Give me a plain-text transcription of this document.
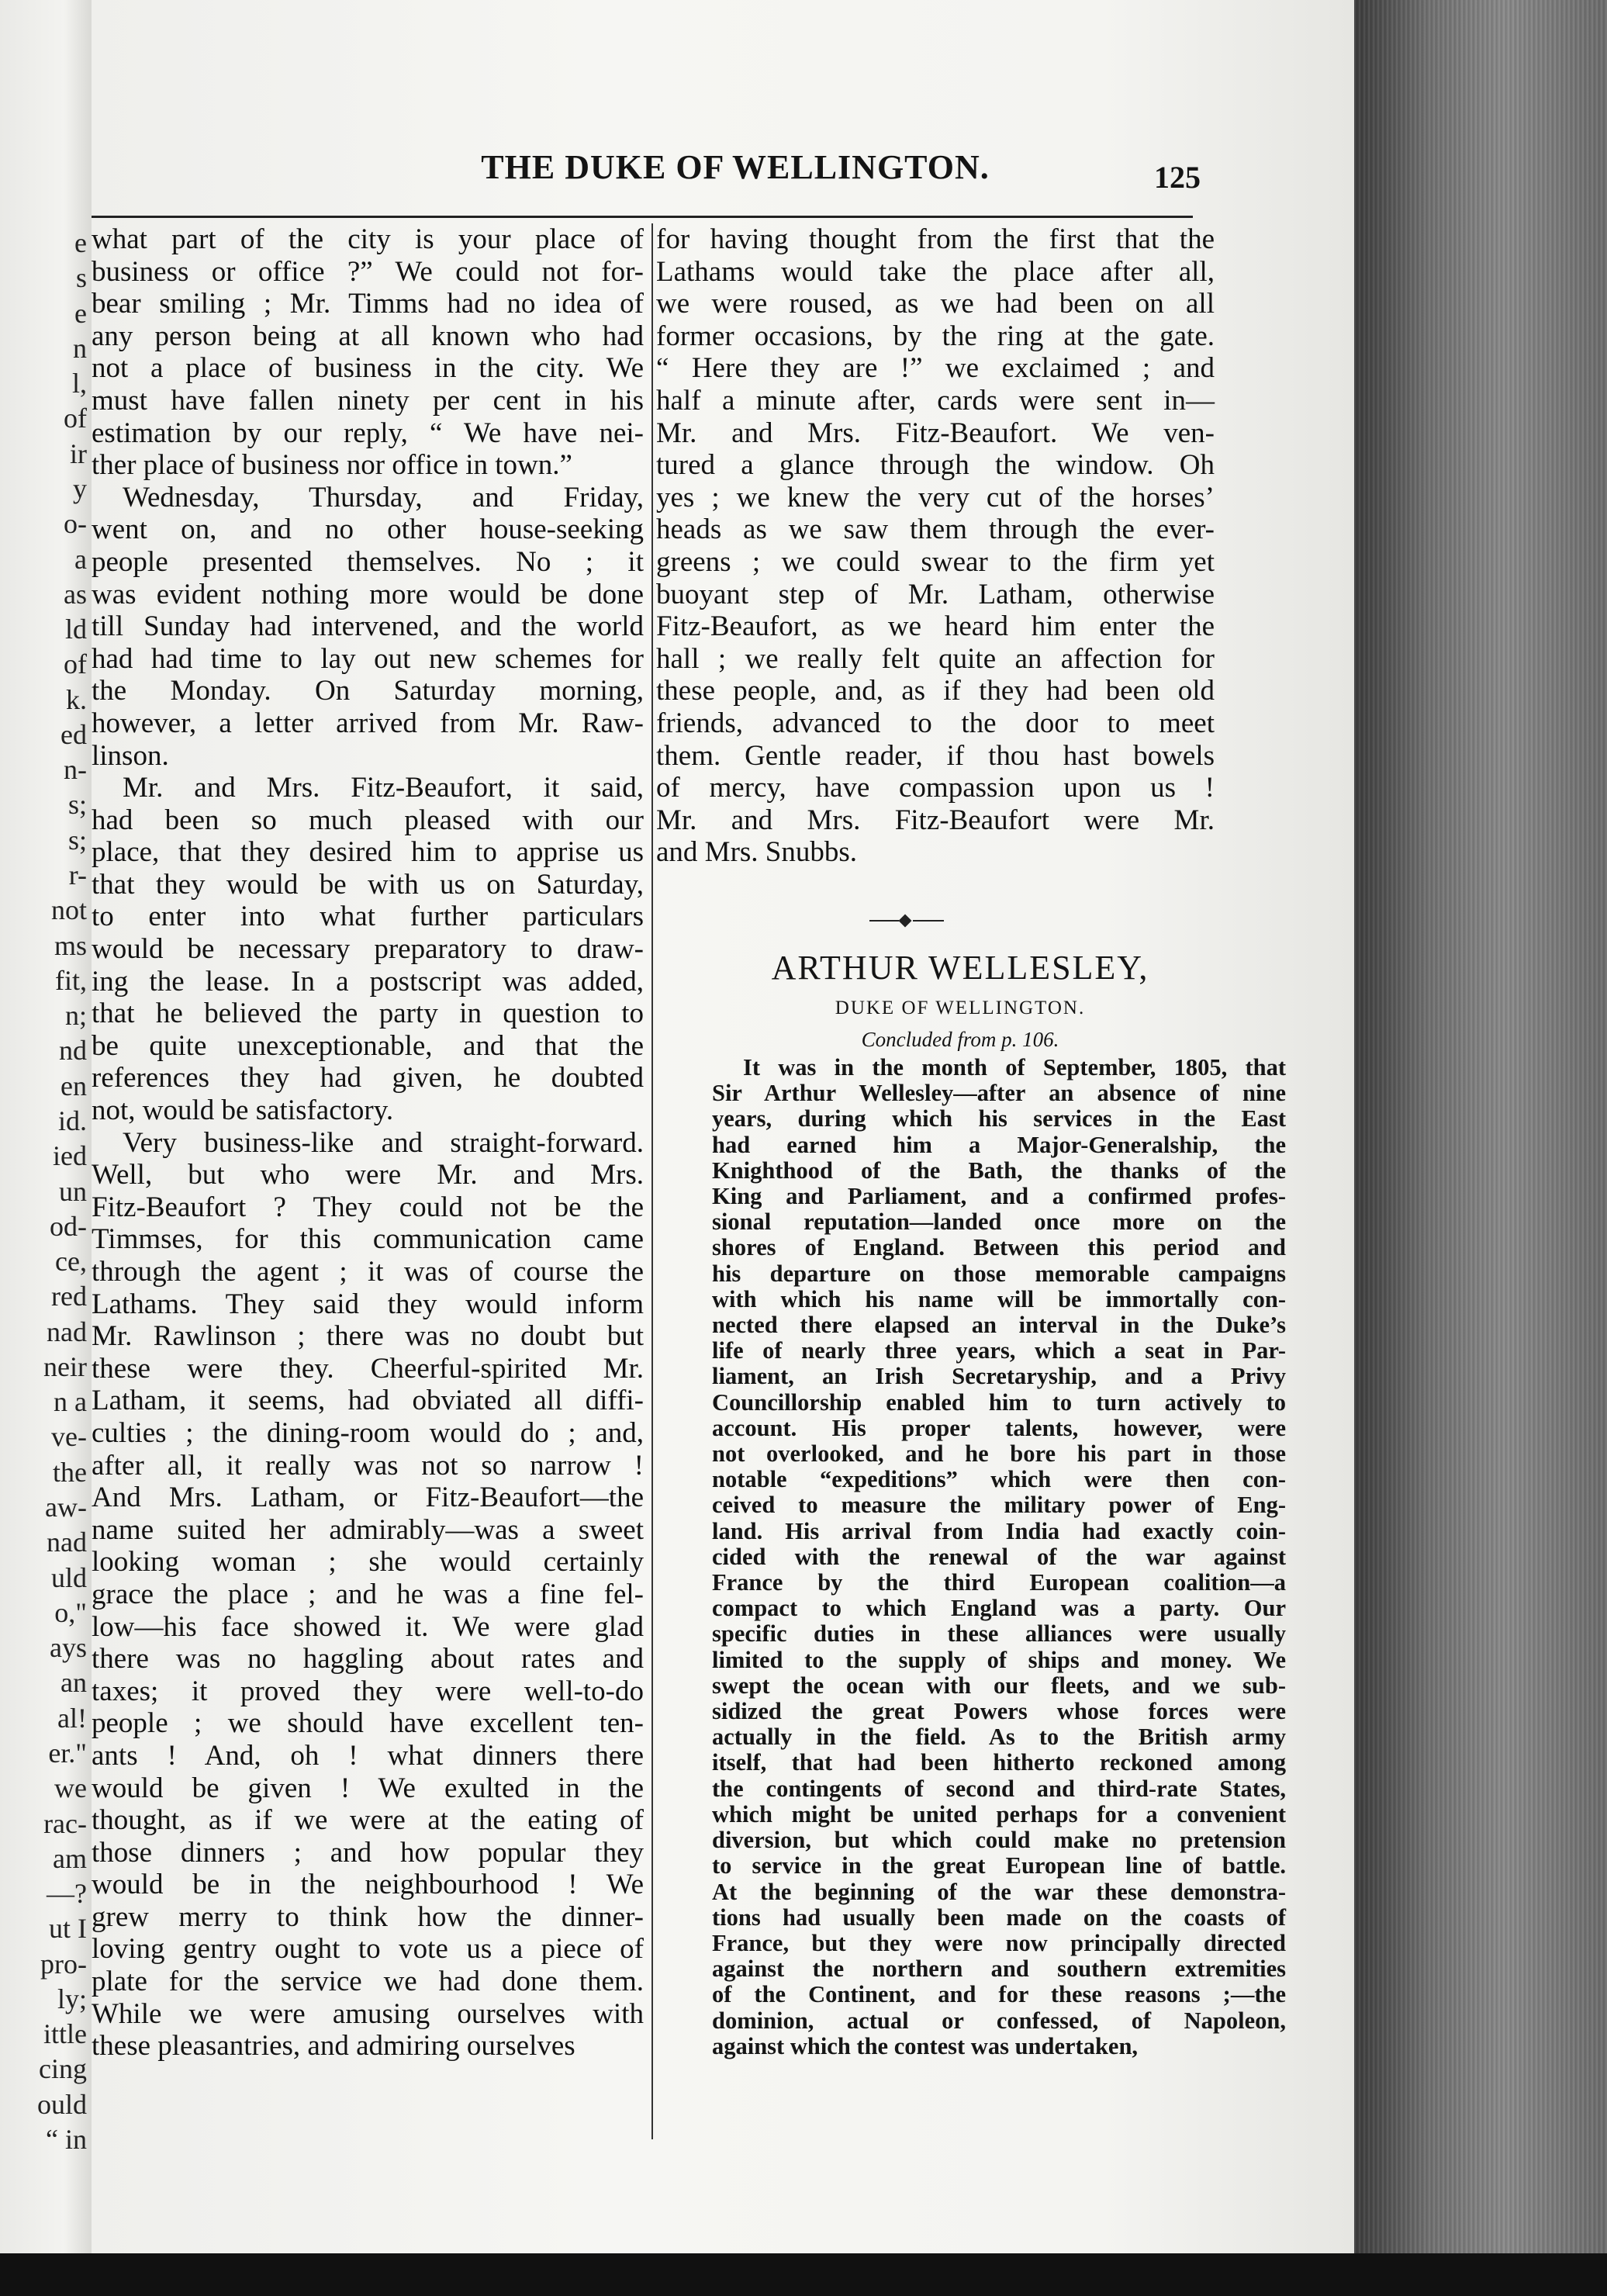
e
s
e
n
l,
of
ir
y
o-
a
as
ld
of
k.
ed
n-
s;
s;
r-
not
ms
fit,
n;
nd
en
id.
ied
un
od-
ce,
red
nad
neir
n a
ve-
the
aw-
nad
uld
o,"
ays
an
al!
er."
we
rac-
am
—?
ut I
pro-
ly;
ittle
cing
ould
“ in
THE DUKE OF WELLINGTON.	125
what part of the city is your place of
business or office ?” We could not for-
bear smiling ; Mr. Timms had no idea of
any person being at all known who had
not a place of business in the city. We
must have fallen ninety per cent in his
estimation by our reply, “ We have nei-
ther place of business nor office in town.”
Wednesday, Thursday, and Friday,
went on, and no other house-seeking
people presented themselves. No ; it
was evident nothing more would be done
till Sunday had intervened, and the world
had had time to lay out new schemes for
the Monday. On Saturday morning,
however, a letter arrived from Mr. Raw-
linson.
Mr. and Mrs. Fitz-Beaufort, it said,
had been so much pleased with our
place, that they desired him to apprise us
that they would be with us on Saturday,
to enter into what further particulars
would be necessary preparatory to draw-
ing the lease. In a postscript was added,
that he believed the party in question to
be quite unexceptionable, and that the
references they had given, he doubted
not, would be satisfactory.
Very business-like and straight-forward.
Well, but who were Mr. and Mrs.
Fitz-Beaufort ? They could not be the
Timmses, for this communication came
through the agent ; it was of course the
Lathams. They said they would inform
Mr. Rawlinson ; there was no doubt but
these were they. Cheerful-spirited Mr.
Latham, it seems, had obviated all diffi-
culties ; the dining-room would do ; and,
after all, it really was not so narrow !
And Mrs. Latham, or Fitz-Beaufort—the
name suited her admirably—was a sweet
looking woman ; she would certainly
grace the place ; and he was a fine fel-
low—his face showed it. We were glad
there was no haggling about rates and
taxes; it proved they were well-to-do
people ; we should have excellent ten-
ants ! And, oh ! what dinners there
would be given ! We exulted in the
thought, as if we were at the eating of
those dinners ; and how popular they
would be in the neighbourhood ! We
grew merry to think how the dinner-
loving gentry ought to vote us a piece of
plate for the service we had done them.
While we were amusing ourselves with
these pleasantries, and admiring ourselves
for having thought from the first that the
Lathams would take the place after all,
we were roused, as we had been on all
former occasions, by the ring at the gate.
“ Here they are !” we exclaimed ; and
half a minute after, cards were sent in—
Mr. and Mrs. Fitz-Beaufort. We ven-
tured a glance through the window. Oh
yes ; we knew the very cut of the horses’
heads as we saw them through the ever-
greens ; we could swear to the firm yet
buoyant step of Mr. Latham, otherwise
Fitz-Beaufort, as we heard him enter the
hall ; we really felt quite an affection for
these people, and, as if they had been old
friends, advanced to the door to meet
them. Gentle reader, if thou hast bowels
of mercy, have compassion upon us !
Mr. and Mrs. Fitz-Beaufort were Mr.
and Mrs. Snubbs.
ARTHUR WELLESLEY,
DUKE OF WELLINGTON.
Concluded from p. 106.
It was in the month of September, 1805, that
Sir Arthur Wellesley—after an absence of nine
years, during which his services in the East
had earned him a Major-Generalship, the
Knighthood of the Bath, the thanks of the
King and Parliament, and a confirmed profes-
sional reputation—landed once more on the
shores of England. Between this period and
his departure on those memorable campaigns
with which his name will be immortally con-
nected there elapsed an interval in the Duke’s
life of nearly three years, which a seat in Par-
liament, an Irish Secretaryship, and a Privy
Councillorship enabled him to turn actively to
account. His proper talents, however, were
not overlooked, and he bore his part in those
notable “expeditions” which were then con-
ceived to measure the military power of Eng-
land. His arrival from India had exactly coin-
cided with the renewal of the war against
France by the third European coalition—a
compact to which England was a party. Our
specific duties in these alliances were usually
limited to the supply of ships and money. We
swept the ocean with our fleets, and we sub-
sidized the great Powers whose forces were
actually in the field. As to the British army
itself, that had been hitherto reckoned among
the contingents of second and third-rate States,
which might be united perhaps for a convenient
diversion, but which could make no pretension
to service in the great European line of battle.
At the beginning of the war these demonstra-
tions had usually been made on the coasts of
France, but they were now principally directed
against the northern and southern extremities
of the Continent, and for these reasons ;—the
dominion, actual or confessed, of Napoleon,
against which the contest was undertaken,
